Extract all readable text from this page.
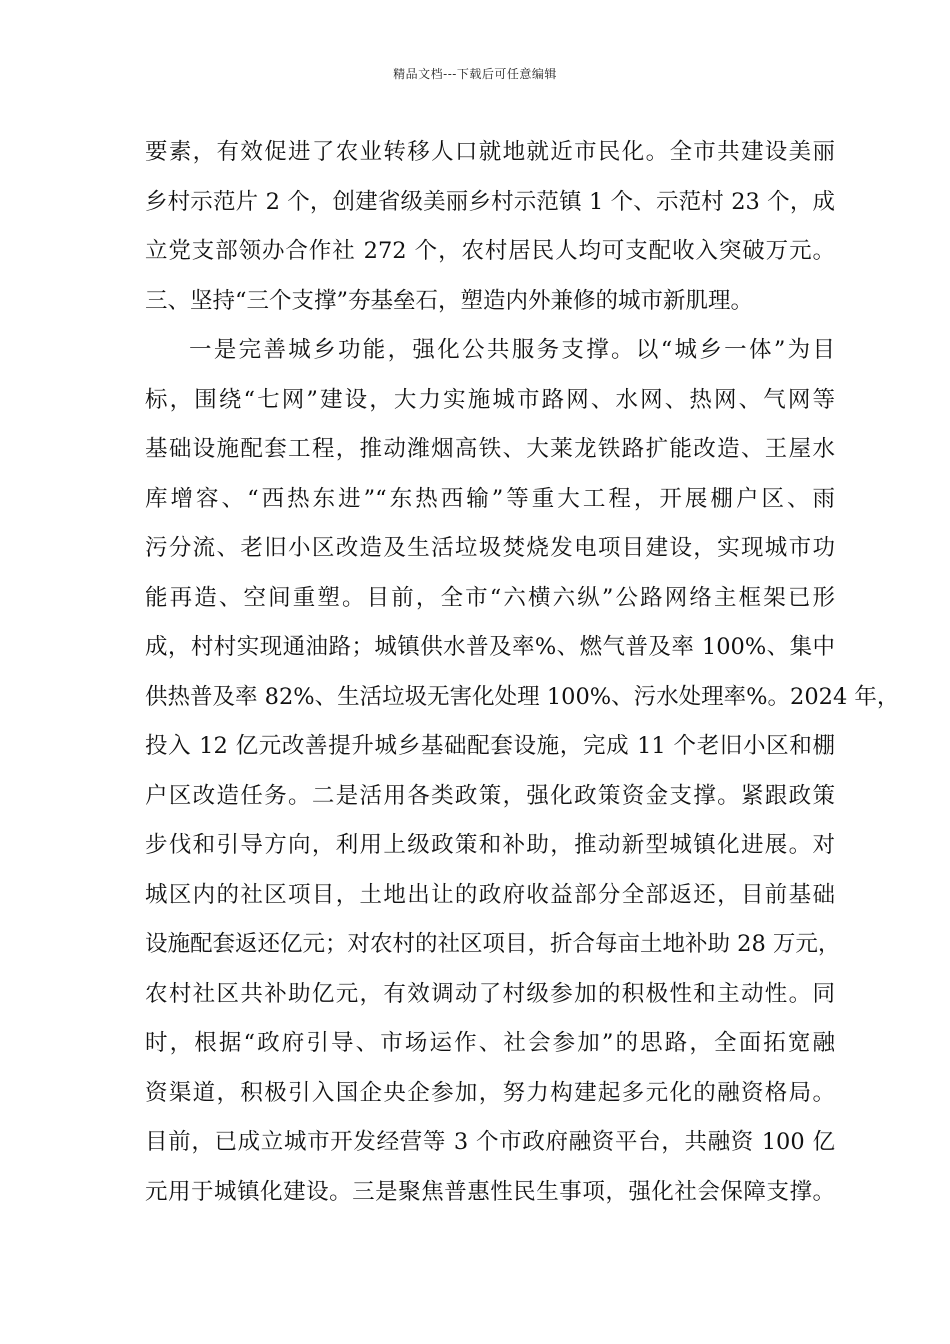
精品文档---下载后可任意编辑
要素，有效促进了农业转移人口就地就近市民化。全市共建设美丽
乡村示范片 2 个，创建省级美丽乡村示范镇 1 个、示范村 23 个，成
立党支部领办合作社 272 个，农村居民人均可支配收入突破万元。
三、坚持“三个支撑”夯基垒石，塑造内外兼修的城市新肌理。
一是完善城乡功能，强化公共服务支撑。以“城乡一体”为目
标，围绕“七网”建设，大力实施城市路网、水网、热网、气网等
基础设施配套工程，推动潍烟高铁、大莱龙铁路扩能改造、王屋水
库增容、“西热东进”“东热西输”等重大工程，开展棚户区、雨
污分流、老旧小区改造及生活垃圾焚烧发电项目建设，实现城市功
能再造、空间重塑。目前，全市“六横六纵”公路网络主框架已形
成，村村实现通油路；城镇供水普及率%、燃气普及率 100%、集中
供热普及率 82%、生活垃圾无害化处理 100%、污水处理率%。2024 年，
投入 12 亿元改善提升城乡基础配套设施，完成 11 个老旧小区和棚
户区改造任务。二是活用各类政策，强化政策资金支撑。紧跟政策
步伐和引导方向，利用上级政策和补助，推动新型城镇化进展。对
城区内的社区项目，土地出让的政府收益部分全部返还，目前基础
设施配套返还亿元；对农村的社区项目，折合每亩土地补助 28 万元，
农村社区共补助亿元，有效调动了村级参加的积极性和主动性。同
时，根据“政府引导、市场运作、社会参加”的思路，全面拓宽融
资渠道，积极引入国企央企参加，努力构建起多元化的融资格局。
目前，已成立城市开发经营等 3 个市政府融资平台，共融资 100 亿
元用于城镇化建设。三是聚焦普惠性民生事项，强化社会保障支撑。
